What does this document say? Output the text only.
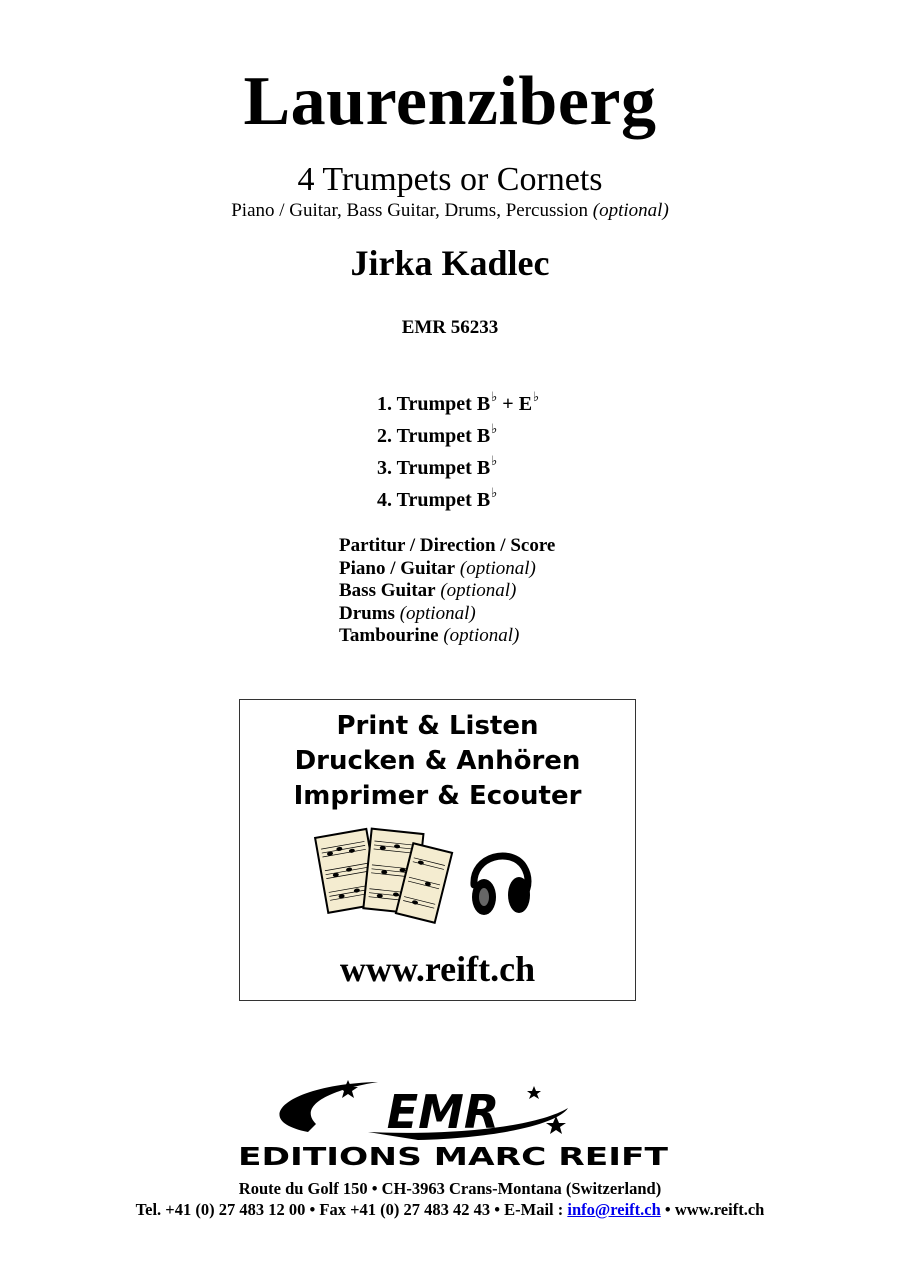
Laurenziberg
4 Trumpets or Cornets
Piano / Guitar, Bass Guitar, Drums, Percussion (optional)
Jirka Kadlec
EMR 56233
1. Trumpet B♭ + E♭
2. Trumpet B♭
3. Trumpet B♭
4. Trumpet B♭
Partitur / Direction / Score
Piano / Guitar (optional)
Bass Guitar (optional)
Drums (optional)
Tambourine (optional)
Print & Listen
Drucken & Anhören
Imprimer & Ecouter
www.reift.ch
EMR
EDITIONS MARC REIFT
Route du Golf 150 • CH-3963 Crans-Montana (Switzerland)
Tel. +41 (0) 27 483 12 00 • Fax +41 (0) 27 483 42 43 • E-Mail : info@reift.ch • www.reift.ch
